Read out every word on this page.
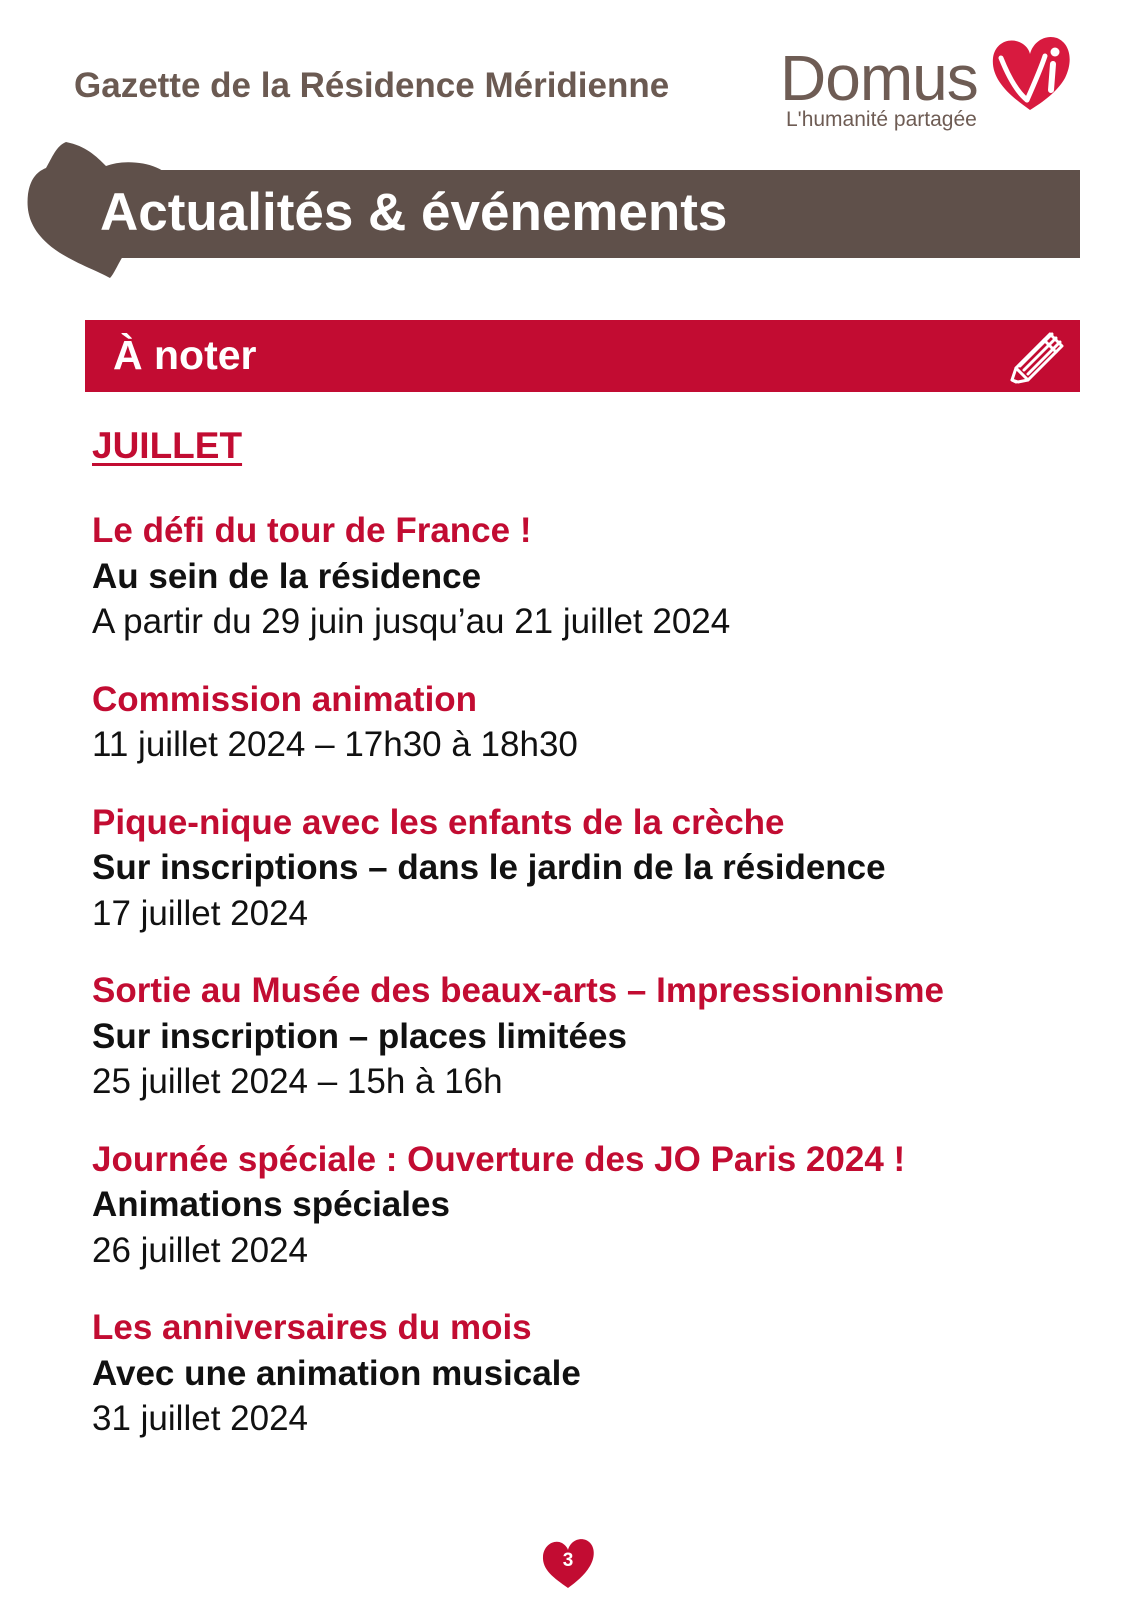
Gazette de la Résidence Méridienne Domus
Vi
L'humanité partagée
Actualités & événements
À noter
JUILLET
Le défi du tour de France !
Au sein de la résidence
A partir du 29 juin jusqu’au 21 juillet 2024
Commission animation
11 juillet 2024 – 17h30 à 18h30
Pique-nique avec les enfants de la crèche
Sur inscriptions – dans le jardin de la résidence
17 juillet 2024
Sortie au Musée des beaux-arts – Impressionnisme
Sur inscription – places limitées
25 juillet 2024 – 15h à 16h
Journée spéciale : Ouverture des JO Paris 2024 !
Animations spéciales
26 juillet 2024
Les anniversaires du mois
Avec une animation musicale
31 juillet 2024
3
